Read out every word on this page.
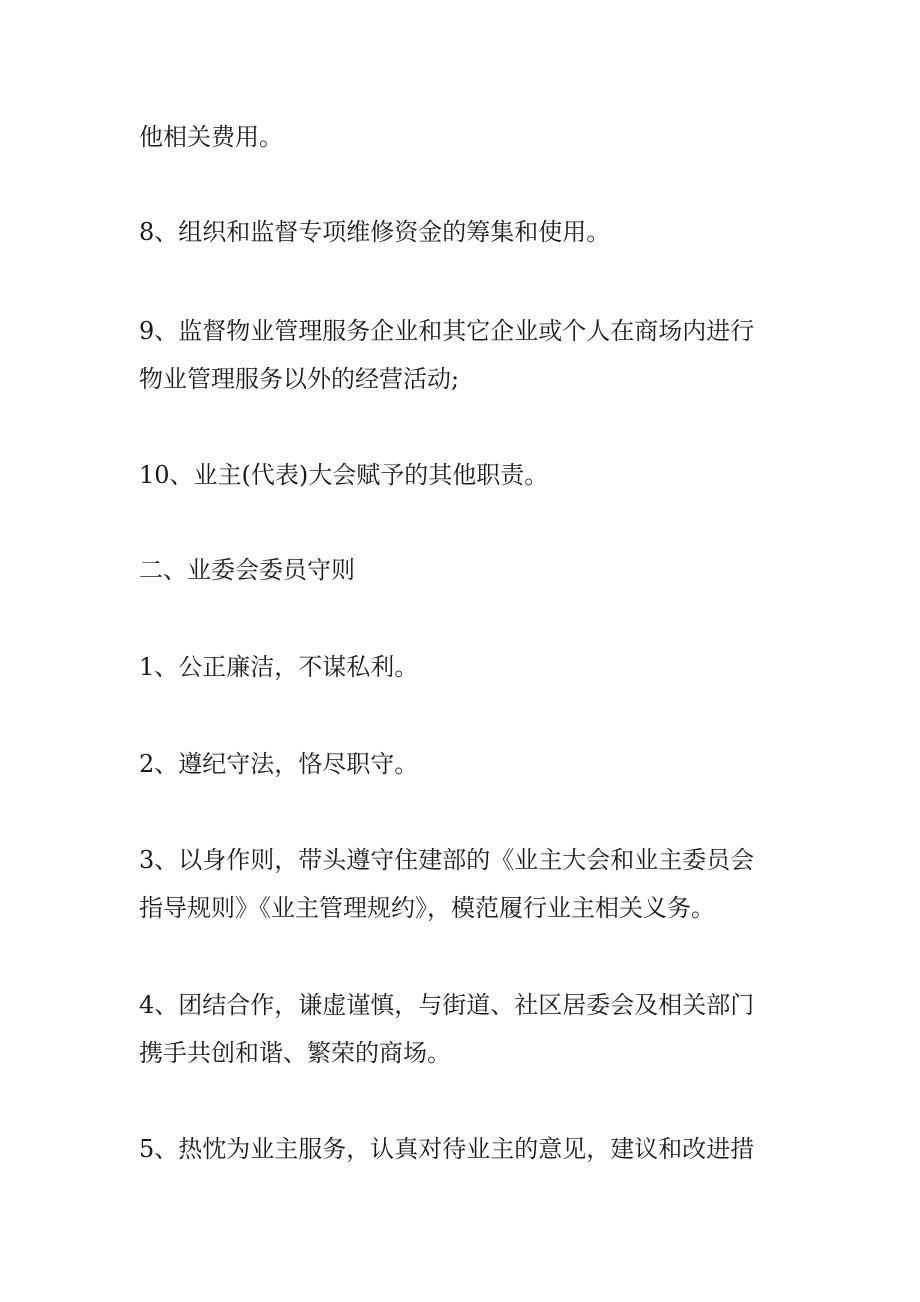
他相关费用。

8、组织和监督专项维修资金的筹集和使用。

9、监督物业管理服务企业和其它企业或个人在商场内进行
物业管理服务以外的经营活动;

10、业主(代表)大会赋予的其他职责。

二、业委会委员守则

1、公正廉洁，不谋私利。

2、遵纪守法，恪尽职守。

3、以身作则，带头遵守住建部的《业主大会和业主委员会
指导规则》《业主管理规约》，模范履行业主相关义务。

4、团结合作，谦虚谨慎，与街道、社区居委会及相关部门
携手共创和谐、繁荣的商场。

5、热忱为业主服务，认真对待业主的意见，建议和改进措
